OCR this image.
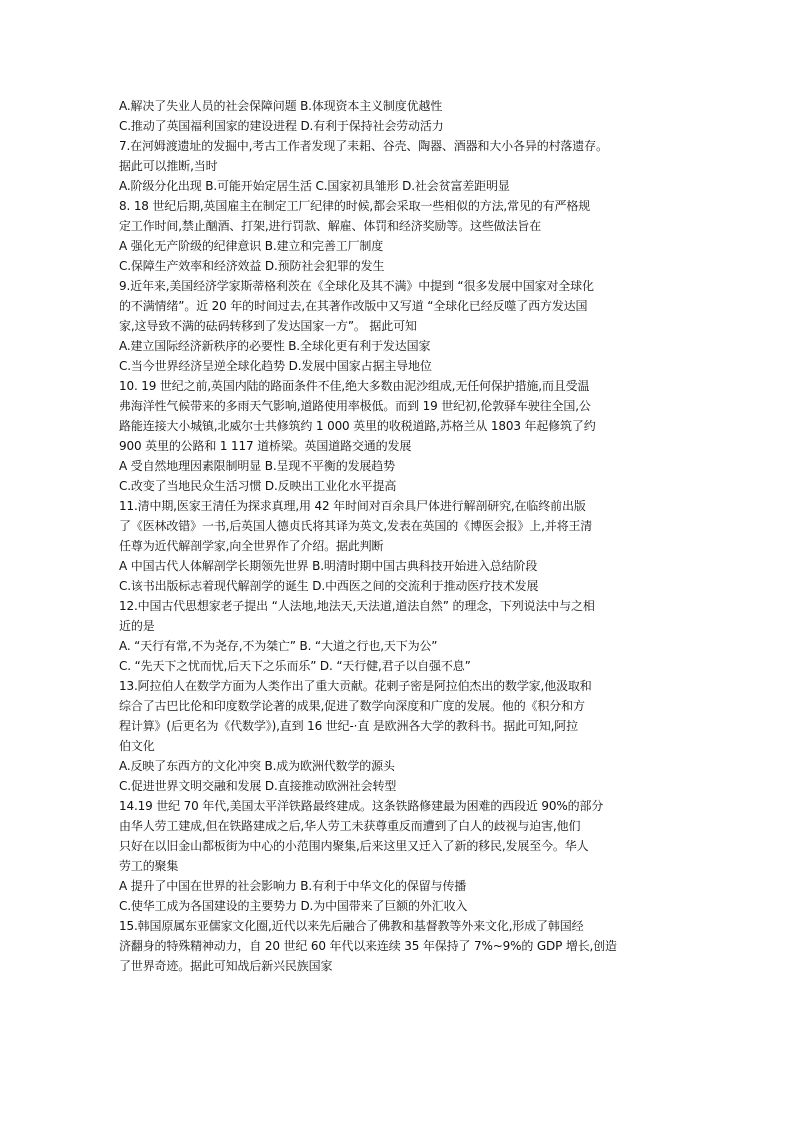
A.解决了失业人员的社会保障问题 B.体现资本主义制度优越性
C.推动了英国福利国家的建设进程 D.有利于保持社会劳动活力
7.在河姆渡遗址的发掘中,考古工作者发现了耒耜、谷壳、陶器、酒器和大小各异的村落遗存。
据此可以推断,当时
A.阶级分化出现 B.可能开始定居生活 C.国家初具雏形 D.社会贫富差距明显
8. 18 世纪后期,英国雇主在制定工厂纪律的时候,都会采取一些相似的方法,常见的有严格规
定工作时间,禁止酗酒、打架,进行罚款、解雇、体罚和经济奖励等。这些做法旨在
A 强化无产阶级的纪律意识 B.建立和完善工厂制度
C.保障生产效率和经济效益 D.预防社会犯罪的发生
9.近年来,美国经济学家斯蒂格利茨在《全球化及其不满》中提到 “很多发展中国家对全球化
的不满情绪”。近 20 年的时间过去,在其著作改版中又写道 “全球化已经反噬了西方发达国
家,这导致不满的砝码转移到了发达国家一方”。 据此可知
A.建立国际经济新秩序的必要性 B.全球化更有利于发达国家
C.当今世界经济呈逆全球化趋势 D.发展中国家占据主导地位
10. 19 世纪之前,英国内陆的路面条件不佳,绝大多数由泥沙组成,无任何保护措施,而且受温
弗海洋性气候带来的多雨天气影响,道路使用率极低。而到 19 世纪初,伦敦驿车驶往全国,公
路能连接大小城镇,北威尔士共修筑约 1 000 英里的收税道路,苏格兰从 1803 年起修筑了约
900 英里的公路和 1 117 道桥梁。英国道路交通的发展
A 受自然地理因素限制明显 B.呈现不平衡的发展趋势
C.改变了当地民众生活习惯 D.反映出工业化水平提高
11.清中期,医家王清任为探求真理,用 42 年时间对百余具尸体进行解剖研究,在临终前出版
了《医林改错》一书,后英国人德贞氏将其译为英文,发表在英国的《博医会报》上,并将王清
任尊为近代解剖学家,向全世界作了介绍。据此判断
A 中国古代人体解剖学长期领先世界 B.明清时期中国古典科技开始进入总结阶段
C.该书出版标志着现代解剖学的诞生 D.中西医之间的交流利于推动医疗技术发展
12.中国古代思想家老子提出 “人法地,地法天,天法道,道法自然” 的理念，下列说法中与之相
近的是
A. “天行有常,不为尧存,不为桀亡” B. “大道之行也,天下为公”
C. “先天下之忧而忧,后天下之乐而乐” D. “天行健,君子以自强不息”
13.阿拉伯人在数学方面为人类作出了重大贡献。花剌子密是阿拉伯杰出的数学家,他汲取和
综合了古巴比伦和印度数学论著的成果,促进了数学向深度和广度的发展。他的《积分和方
程计算》(后更名为《代数学》),直到 16 世纪-·直 是欧洲各大学的教科书。据此可知,阿拉
伯文化
A.反映了东西方的文化冲突 B.成为欧洲代数学的源头
C.促进世界文明交融和发展 D.直接推动欧洲社会转型
14.19 世纪 70 年代,美国太平洋铁路最终建成。这条铁路修建最为困难的西段近 90%的部分
由华人劳工建成,但在铁路建成之后,华人劳工未获尊重反而遭到了白人的歧视与迫害,他们
只好在以旧金山都板街为中心的小范围内聚集,后来这里又迁入了新的移民,发展至今。华人
劳工的聚集
A 提升了中国在世界的社会影响力 B.有利于中华文化的保留与传播
C.使华工成为各国建设的主要势力 D.为中国带来了巨额的外汇收入
15.韩国原属东亚儒家文化圈,近代以来先后融合了佛教和基督教等外来文化,形成了韩国经
济翻身的特殊精神动力，自 20 世纪 60 年代以来连续 35 年保持了 7%~9%的 GDP 增长,创造
了世界奇迹。据此可知战后新兴民族国家
